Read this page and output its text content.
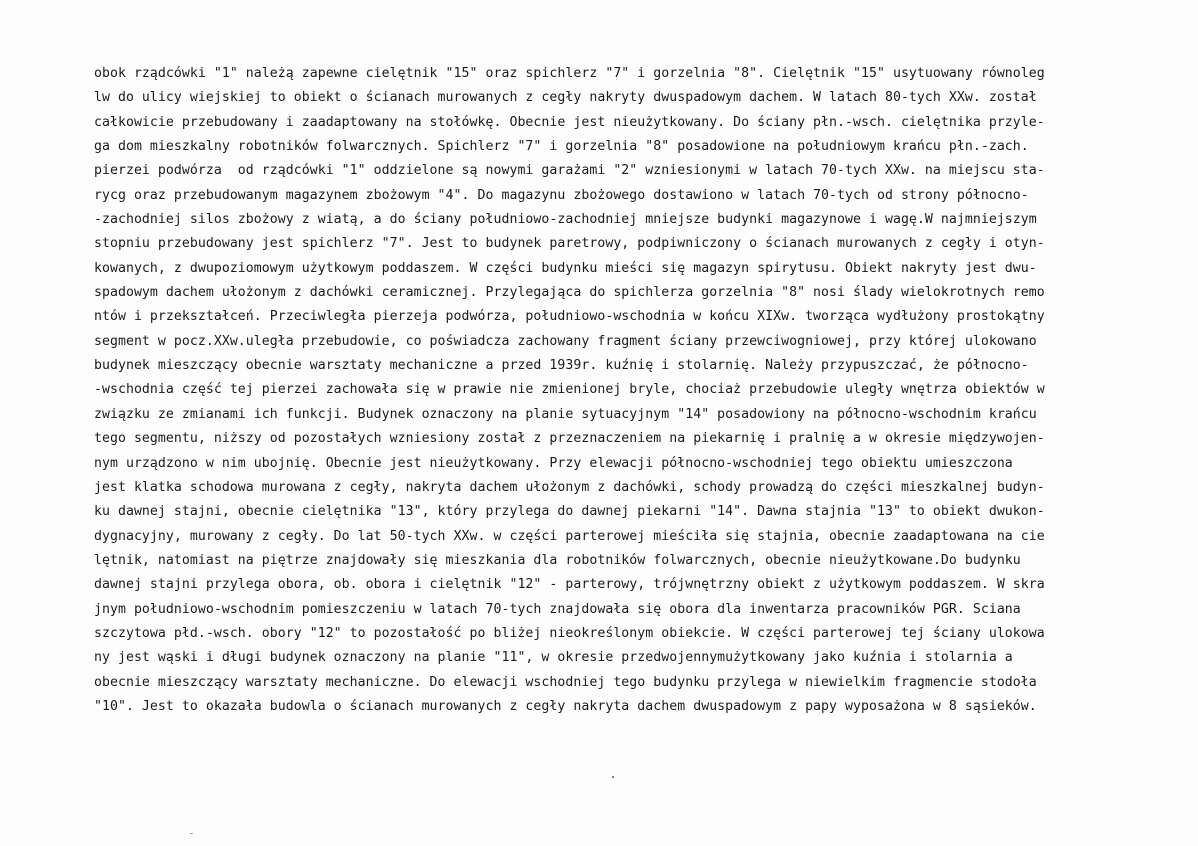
obok rządcówki "1" należą zapewne cielętnik "15" oraz spichlerz "7" i gorzelnia "8". Cielętnik "15" usytuowany równoleg
lw do ulicy wiejskiej to obiekt o ścianach murowanych z cegły nakryty dwuspadowym dachem. W latach 80-tych XXw. został
całkowicie przebudowany i zaadaptowany na stołówkę. Obecnie jest nieużytkowany. Do ściany płn.-wsch. cielętnika przyle-
ga dom mieszkalny robotników folwarcznych. Spichlerz "7" i gorzelnia "8" posadowione na południowym krańcu płn.-zach.
pierzei podwórza  od rządcówki "1" oddzielone są nowymi garażami "2" wzniesionymi w latach 70-tych XXw. na miejscu sta-
rycg oraz przebudowanym magazynem zbożowym "4". Do magazynu zbożowego dostawiono w latach 70-tych od strony północno-
-zachodniej silos zbożowy z wiatą, a do ściany południowo-zachodniej mniejsze budynki magazynowe i wagę.W najmniejszym
stopniu przebudowany jest spichlerz "7". Jest to budynek paretrowy, podpiwniczony o ścianach murowanych z cegły i otyn-
kowanych, z dwupoziomowym użytkowym poddaszem. W części budynku mieści się magazyn spirytusu. Obiekt nakryty jest dwu-
spadowym dachem ułożonym z dachówki ceramicznej. Przylegająca do spichlerza gorzelnia "8" nosi ślady wielokrotnych remo
ntów i przekształceń. Przeciwległa pierzeja podwórza, południowo-wschodnia w końcu XIXw. tworząca wydłużony prostokątny
segment w pocz.XXw.uległa przebudowie, co poświadcza zachowany fragment ściany przewciwogniowej, przy której ulokowano
budynek mieszczący obecnie warsztaty mechaniczne a przed 1939r. kuźnię i stolarnię. Należy przypuszczać, że północno-
-wschodnia część tej pierzei zachowała się w prawie nie zmienionej bryle, chociaż przebudowie uległy wnętrza obiektów w
związku ze zmianami ich funkcji. Budynek oznaczony na planie sytuacyjnym "14" posadowiony na północno-wschodnim krańcu
tego segmentu, niższy od pozostałych wzniesiony został z przeznaczeniem na piekarnię i pralnię a w okresie międzywojen-
nym urządzono w nim ubojnię. Obecnie jest nieużytkowany. Przy elewacji północno-wschodniej tego obiektu umieszczona
jest klatka schodowa murowana z cegły, nakryta dachem ułożonym z dachówki, schody prowadzą do części mieszkalnej budyn-
ku dawnej stajni, obecnie cielętnika "13", który przylega do dawnej piekarni "14". Dawna stajnia "13" to obiekt dwukon-
dygnacyjny, murowany z cegły. Do lat 50-tych XXw. w części parterowej mieściła się stajnia, obecnie zaadaptowana na cie
lętnik, natomiast na piętrze znajdowały się mieszkania dla robotników folwarcznych, obecnie nieużytkowane.Do budynku
dawnej stajni przylega obora, ob. obora i cielętnik "12" - parterowy, trójwnętrzny obiekt z użytkowym poddaszem. W skra
jnym południowo-wschodnim pomieszczeniu w latach 70-tych znajdowała się obora dla inwentarza pracowników PGR. Sciana
szczytowa płd.-wsch. obory "12" to pozostałość po bliżej nieokreślonym obiekcie. W części parterowej tej ściany ulokowa
ny jest wąski i długi budynek oznaczony na planie "11", w okresie przedwojennymużytkowany jako kuźnia i stolarnia a
obecnie mieszczący warsztaty mechaniczne. Do elewacji wschodniej tego budynku przylega w niewielkim fragmencie stodoła
"10". Jest to okazała budowla o ścianach murowanych z cegły nakryta dachem dwuspadowym z papy wyposażona w 8 sąsieków.
